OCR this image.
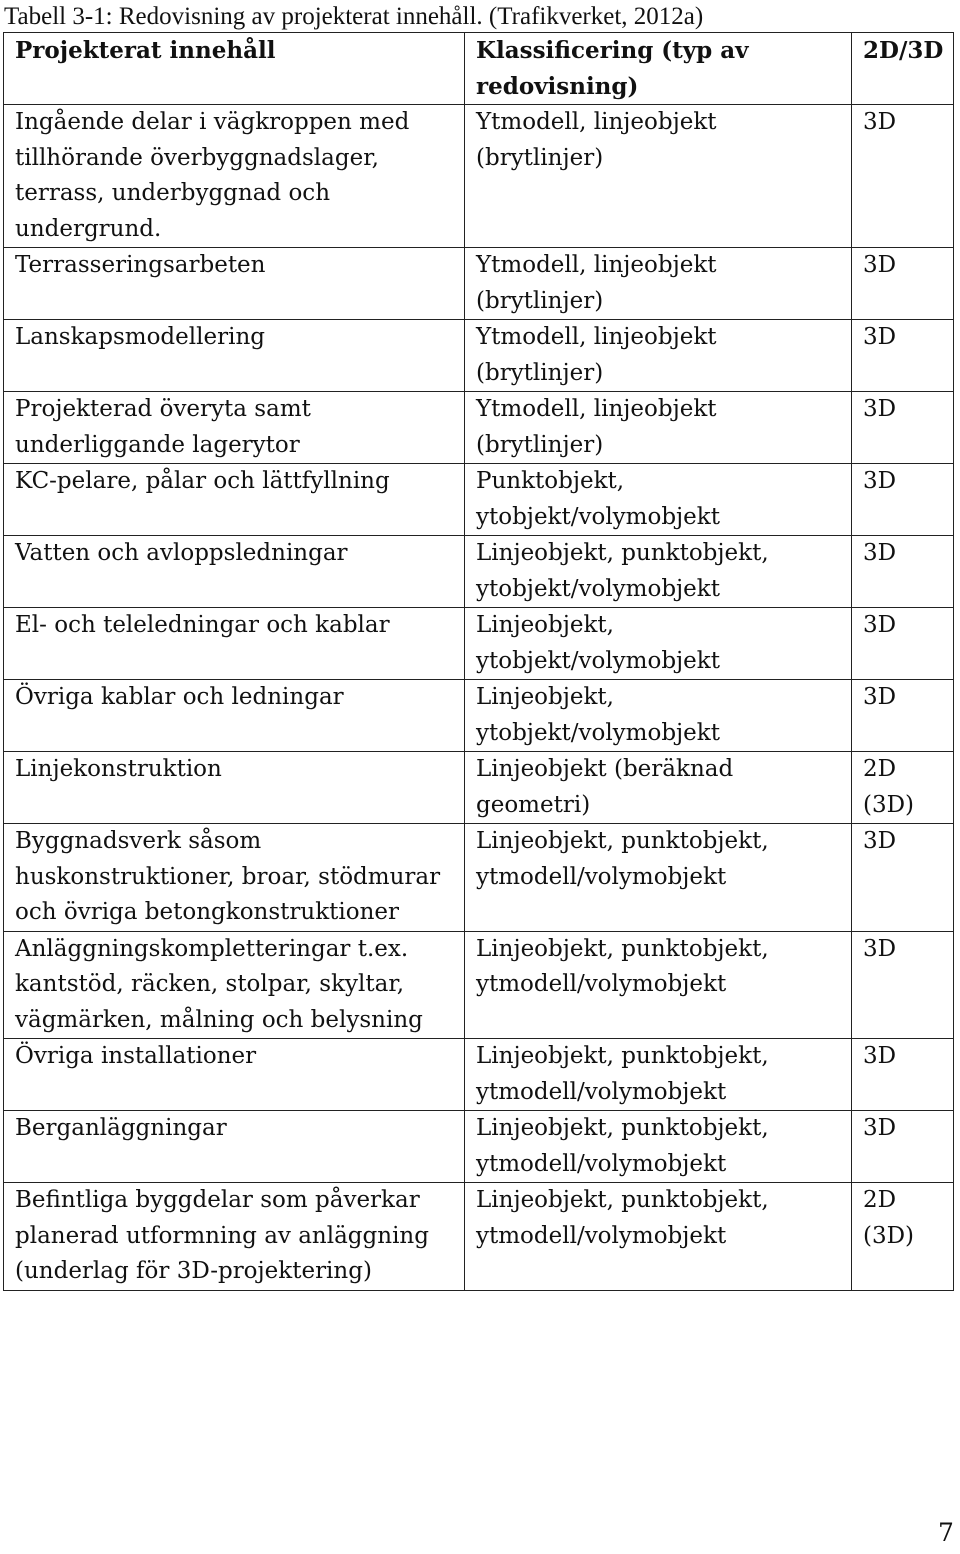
Tabell 3-1: Redovisning av projekterat innehåll. (Trafikverket, 2012a)
Projekterat innehåll	Klassificering (typ av redovisning)	2D/3D
Ingående delar i vägkroppen med tillhörande överbyggnadslager, terrass, underbyggnad och undergrund.	Ytmodell, linjeobjekt (brytlinjer)	3D
Terrasseringsarbeten	Ytmodell, linjeobjekt (brytlinjer)	3D
Lanskapsmodellering	Ytmodell, linjeobjekt (brytlinjer)	3D
Projekterad överyta samt underliggande lagerytor	Ytmodell, linjeobjekt (brytlinjer)	3D
KC-pelare, pålar och lättfyllning	Punktobjekt, ytobjekt/volymobjekt	3D
Vatten och avloppsledningar	Linjeobjekt, punktobjekt, ytobjekt/volymobjekt	3D
El- och teleledningar och kablar	Linjeobjekt, ytobjekt/volymobjekt	3D
Övriga kablar och ledningar	Linjeobjekt, ytobjekt/volymobjekt	3D
Linjekonstruktion	Linjeobjekt (beräknad geometri)	2D (3D)
Byggnadsverk såsom huskonstruktioner, broar, stödmurar och övriga betongkonstruktioner	Linjeobjekt, punktobjekt, ytmodell/volymobjekt	3D
Anläggningskompletteringar t.ex. kantstöd, räcken, stolpar, skyltar, vägmärken, målning och belysning	Linjeobjekt, punktobjekt, ytmodell/volymobjekt	3D
Övriga installationer	Linjeobjekt, punktobjekt, ytmodell/volymobjekt	3D
Berganläggningar	Linjeobjekt, punktobjekt, ytmodell/volymobjekt	3D
Befintliga byggdelar som påverkar planerad utformning av anläggning (underlag för 3D-projektering)	Linjeobjekt, punktobjekt, ytmodell/volymobjekt	2D (3D)
7
